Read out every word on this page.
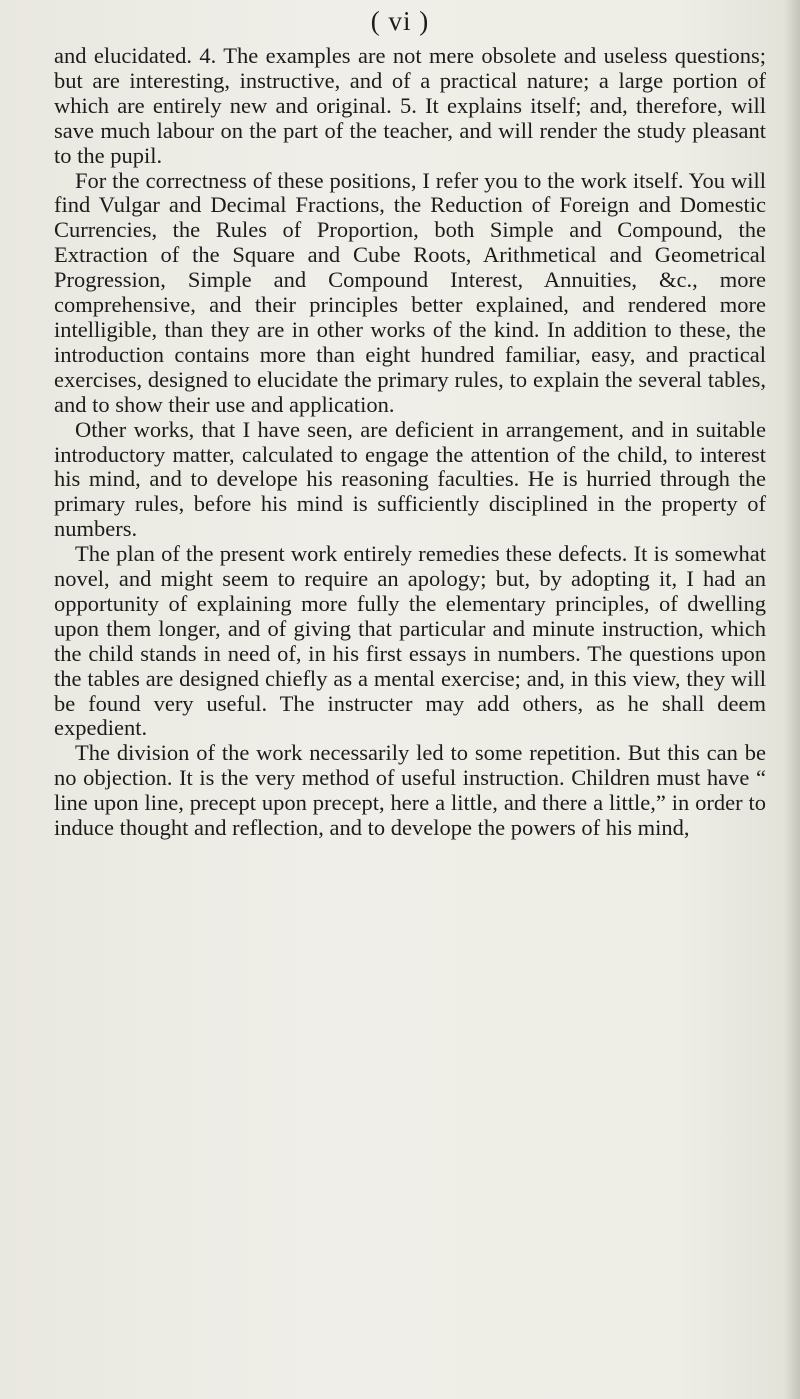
( vi )

and elucidated. 4. The examples are not mere obsolete and useless questions; but are interesting, instructive, and of a practical nature; a large portion of which are entirely new and original. 5. It explains itself; and, therefore, will save much labour on the part of the teacher, and will render the study pleasant to the pupil.

For the correctness of these positions, I refer you to the work itself. You will find Vulgar and Decimal Fractions, the Reduction of Foreign and Domestic Currencies, the Rules of Proportion, both Simple and Compound, the Extraction of the Square and Cube Roots, Arithmetical and Geometrical Progression, Simple and Compound Interest, Annuities, &c., more comprehensive, and their principles better explained, and rendered more intelligible, than they are in other works of the kind. In addition to these, the introduction contains more than eight hundred familiar, easy, and practical exercises, designed to elucidate the primary rules, to explain the several tables, and to show their use and application.

Other works, that I have seen, are deficient in arrangement, and in suitable introductory matter, calculated to engage the attention of the child, to interest his mind, and to develope his reasoning faculties. He is hurried through the primary rules, before his mind is sufficiently disciplined in the property of numbers.

The plan of the present work entirely remedies these defects. It is somewhat novel, and might seem to require an apology; but, by adopting it, I had an opportunity of explaining more fully the elementary principles, of dwelling upon them longer, and of giving that particular and minute instruction, which the child stands in need of, in his first essays in numbers. The questions upon the tables are designed chiefly as a mental exercise; and, in this view, they will be found very useful. The instructer may add others, as he shall deem expedient.

The division of the work necessarily led to some repetition. But this can be no objection. It is the very method of useful instruction. Children must have “ line upon line, precept upon precept, here a little, and there a little,” in order to induce thought and reflection, and to develope the powers of his mind,
